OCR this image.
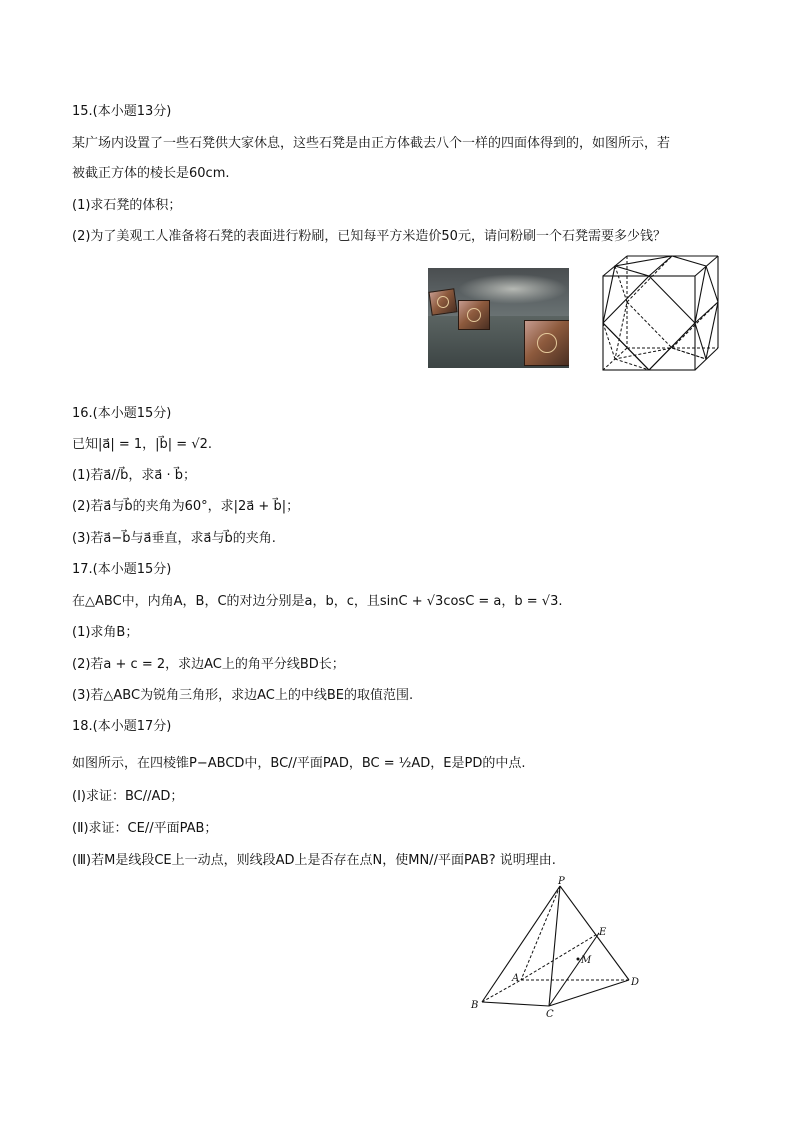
15.(本小题13分)
某广场内设置了一些石凳供大家休息，这些石凳是由正方体截去八个一样的四面体得到的，如图所示，若
被截正方体的棱长是60cm.
(1)求石凳的体积；
(2)为了美观工人准备将石凳的表面进行粉刷，已知每平方米造价50元，请问粉刷一个石凳需要多少钱？
16.(本小题15分)
已知|a⃗| = 1，|b⃗| = √2.
(1)若a⃗//b⃗，求a⃗ · b⃗；
(2)若a⃗与b⃗的夹角为60°，求|2a⃗ + b⃗|；
(3)若a⃗−b⃗与a⃗垂直，求a⃗与b⃗的夹角.
17.(本小题15分)
在△ABC中，内角A，B，C的对边分别是a，b，c，且sinC + √3cosC = a，b = √3.
(1)求角B；
(2)若a + c = 2，求边AC上的角平分线BD长；
(3)若△ABC为锐角三角形，求边AC上的中线BE的取值范围.
18.(本小题17分)
如图所示，在四棱锥P−ABCD中，BC//平面PAD，BC = ½AD，E是PD的中点.
(Ⅰ)求证：BC//AD；
(Ⅱ)求证：CE//平面PAB；
(Ⅲ)若M是线段CE上一动点，则线段AD上是否存在点N，使MN//平面PAB? 说明理由.
P
A
B
C
D
E
M
